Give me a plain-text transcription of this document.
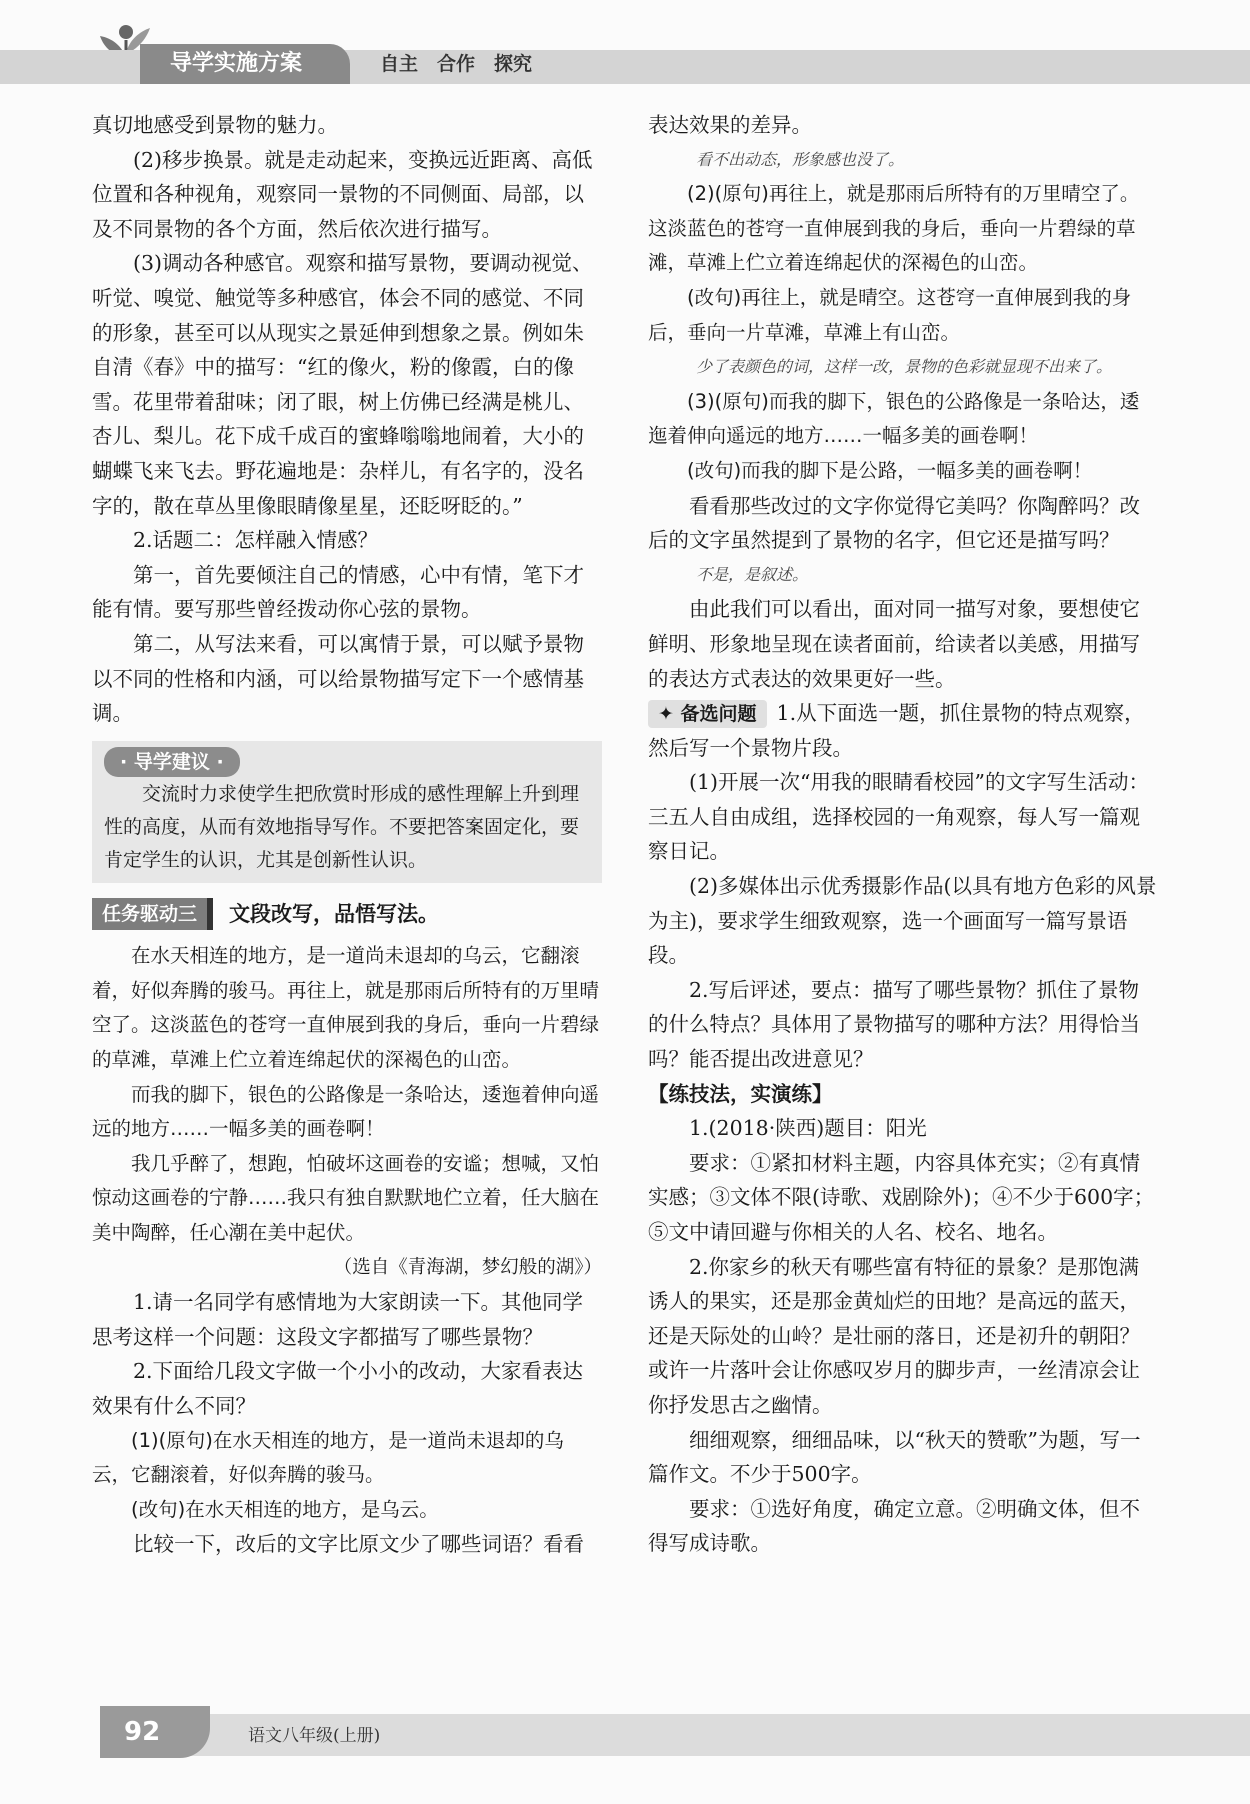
导学实施方案	自主　合作　探究

真切地感受到景物的魅力。

(2)移步换景。就是走动起来，变换远近距离、高低位置和各种视角，观察同一景物的不同侧面、局部，以及不同景物的各个方面，然后依次进行描写。

(3)调动各种感官。观察和描写景物，要调动视觉、听觉、嗅觉、触觉等多种感官，体会不同的感觉、不同的形象，甚至可以从现实之景延伸到想象之景。例如朱自清《春》中的描写：“红的像火，粉的像霞，白的像雪。花里带着甜味；闭了眼，树上仿佛已经满是桃儿、杏儿、梨儿。花下成千成百的蜜蜂嗡嗡地闹着，大小的蝴蝶飞来飞去。野花遍地是：杂样儿，有名字的，没名字的，散在草丛里像眼睛像星星，还眨呀眨的。”

2.话题二：怎样融入情感？

第一，首先要倾注自己的情感，心中有情，笔下才能有情。要写那些曾经拨动你心弦的景物。

第二，从写法来看，可以寓情于景，可以赋予景物以不同的性格和内涵，可以给景物描写定下一个感情基调。

· 导学建议 ·

交流时力求使学生把欣赏时形成的感性理解上升到理性的高度，从而有效地指导写作。不要把答案固定化，要肯定学生的认识，尤其是创新性认识。

任务驱动三	文段改写，品悟写法。

在水天相连的地方，是一道尚未退却的乌云，它翻滚着，好似奔腾的骏马。再往上，就是那雨后所特有的万里晴空了。这淡蓝色的苍穹一直伸展到我的身后，垂向一片碧绿的草滩，草滩上伫立着连绵起伏的深褐色的山峦。

而我的脚下，银色的公路像是一条哈达，逶迤着伸向遥远的地方……一幅多美的画卷啊！

我几乎醉了，想跑，怕破坏这画卷的安谧；想喊，又怕惊动这画卷的宁静……我只有独自默默地伫立着，任大脑在美中陶醉，任心潮在美中起伏。

（选自《青海湖，梦幻般的湖》）

1.请一名同学有感情地为大家朗读一下。其他同学思考这样一个问题：这段文字都描写了哪些景物？

2.下面给几段文字做一个小小的改动，大家看表达效果有什么不同？

(1)(原句)在水天相连的地方，是一道尚未退却的乌云，它翻滚着，好似奔腾的骏马。

(改句)在水天相连的地方，是乌云。

比较一下，改后的文字比原文少了哪些词语？看看

表达效果的差异。

看不出动态，形象感也没了。

(2)(原句)再往上，就是那雨后所特有的万里晴空了。这淡蓝色的苍穹一直伸展到我的身后，垂向一片碧绿的草滩，草滩上伫立着连绵起伏的深褐色的山峦。

(改句)再往上，就是晴空。这苍穹一直伸展到我的身后，垂向一片草滩，草滩上有山峦。

少了表颜色的词，这样一改，景物的色彩就显现不出来了。

(3)(原句)而我的脚下，银色的公路像是一条哈达，逶迤着伸向遥远的地方……一幅多美的画卷啊！

(改句)而我的脚下是公路，一幅多美的画卷啊！

看看那些改过的文字你觉得它美吗？你陶醉吗？改后的文字虽然提到了景物的名字，但它还是描写吗？

不是，是叙述。

由此我们可以看出，面对同一描写对象，要想使它鲜明、形象地呈现在读者面前，给读者以美感，用描写的表达方式表达的效果更好一些。

✦ 备选问题 1.从下面选一题，抓住景物的特点观察，然后写一个景物片段。

(1)开展一次“用我的眼睛看校园”的文字写生活动：三五人自由成组，选择校园的一角观察，每人写一篇观察日记。

(2)多媒体出示优秀摄影作品(以具有地方色彩的风景为主)，要求学生细致观察，选一个画面写一篇写景语段。

2.写后评述，要点：描写了哪些景物？抓住了景物的什么特点？具体用了景物描写的哪种方法？用得恰当吗？能否提出改进意见？

【练技法，实演练】

1.(2018·陕西)题目：阳光

要求：①紧扣材料主题，内容具体充实；②有真情实感；③文体不限(诗歌、戏剧除外)；④不少于600字；⑤文中请回避与你相关的人名、校名、地名。

2.你家乡的秋天有哪些富有特征的景象？是那饱满诱人的果实，还是那金黄灿烂的田地？是高远的蓝天，还是天际处的山岭？是壮丽的落日，还是初升的朝阳？或许一片落叶会让你感叹岁月的脚步声，一丝清凉会让你抒发思古之幽情。

细细观察，细细品味，以“秋天的赞歌”为题，写一篇作文。不少于500字。

要求：①选好角度，确定立意。②明确文体，但不得写成诗歌。

92	语文八年级(上册)
